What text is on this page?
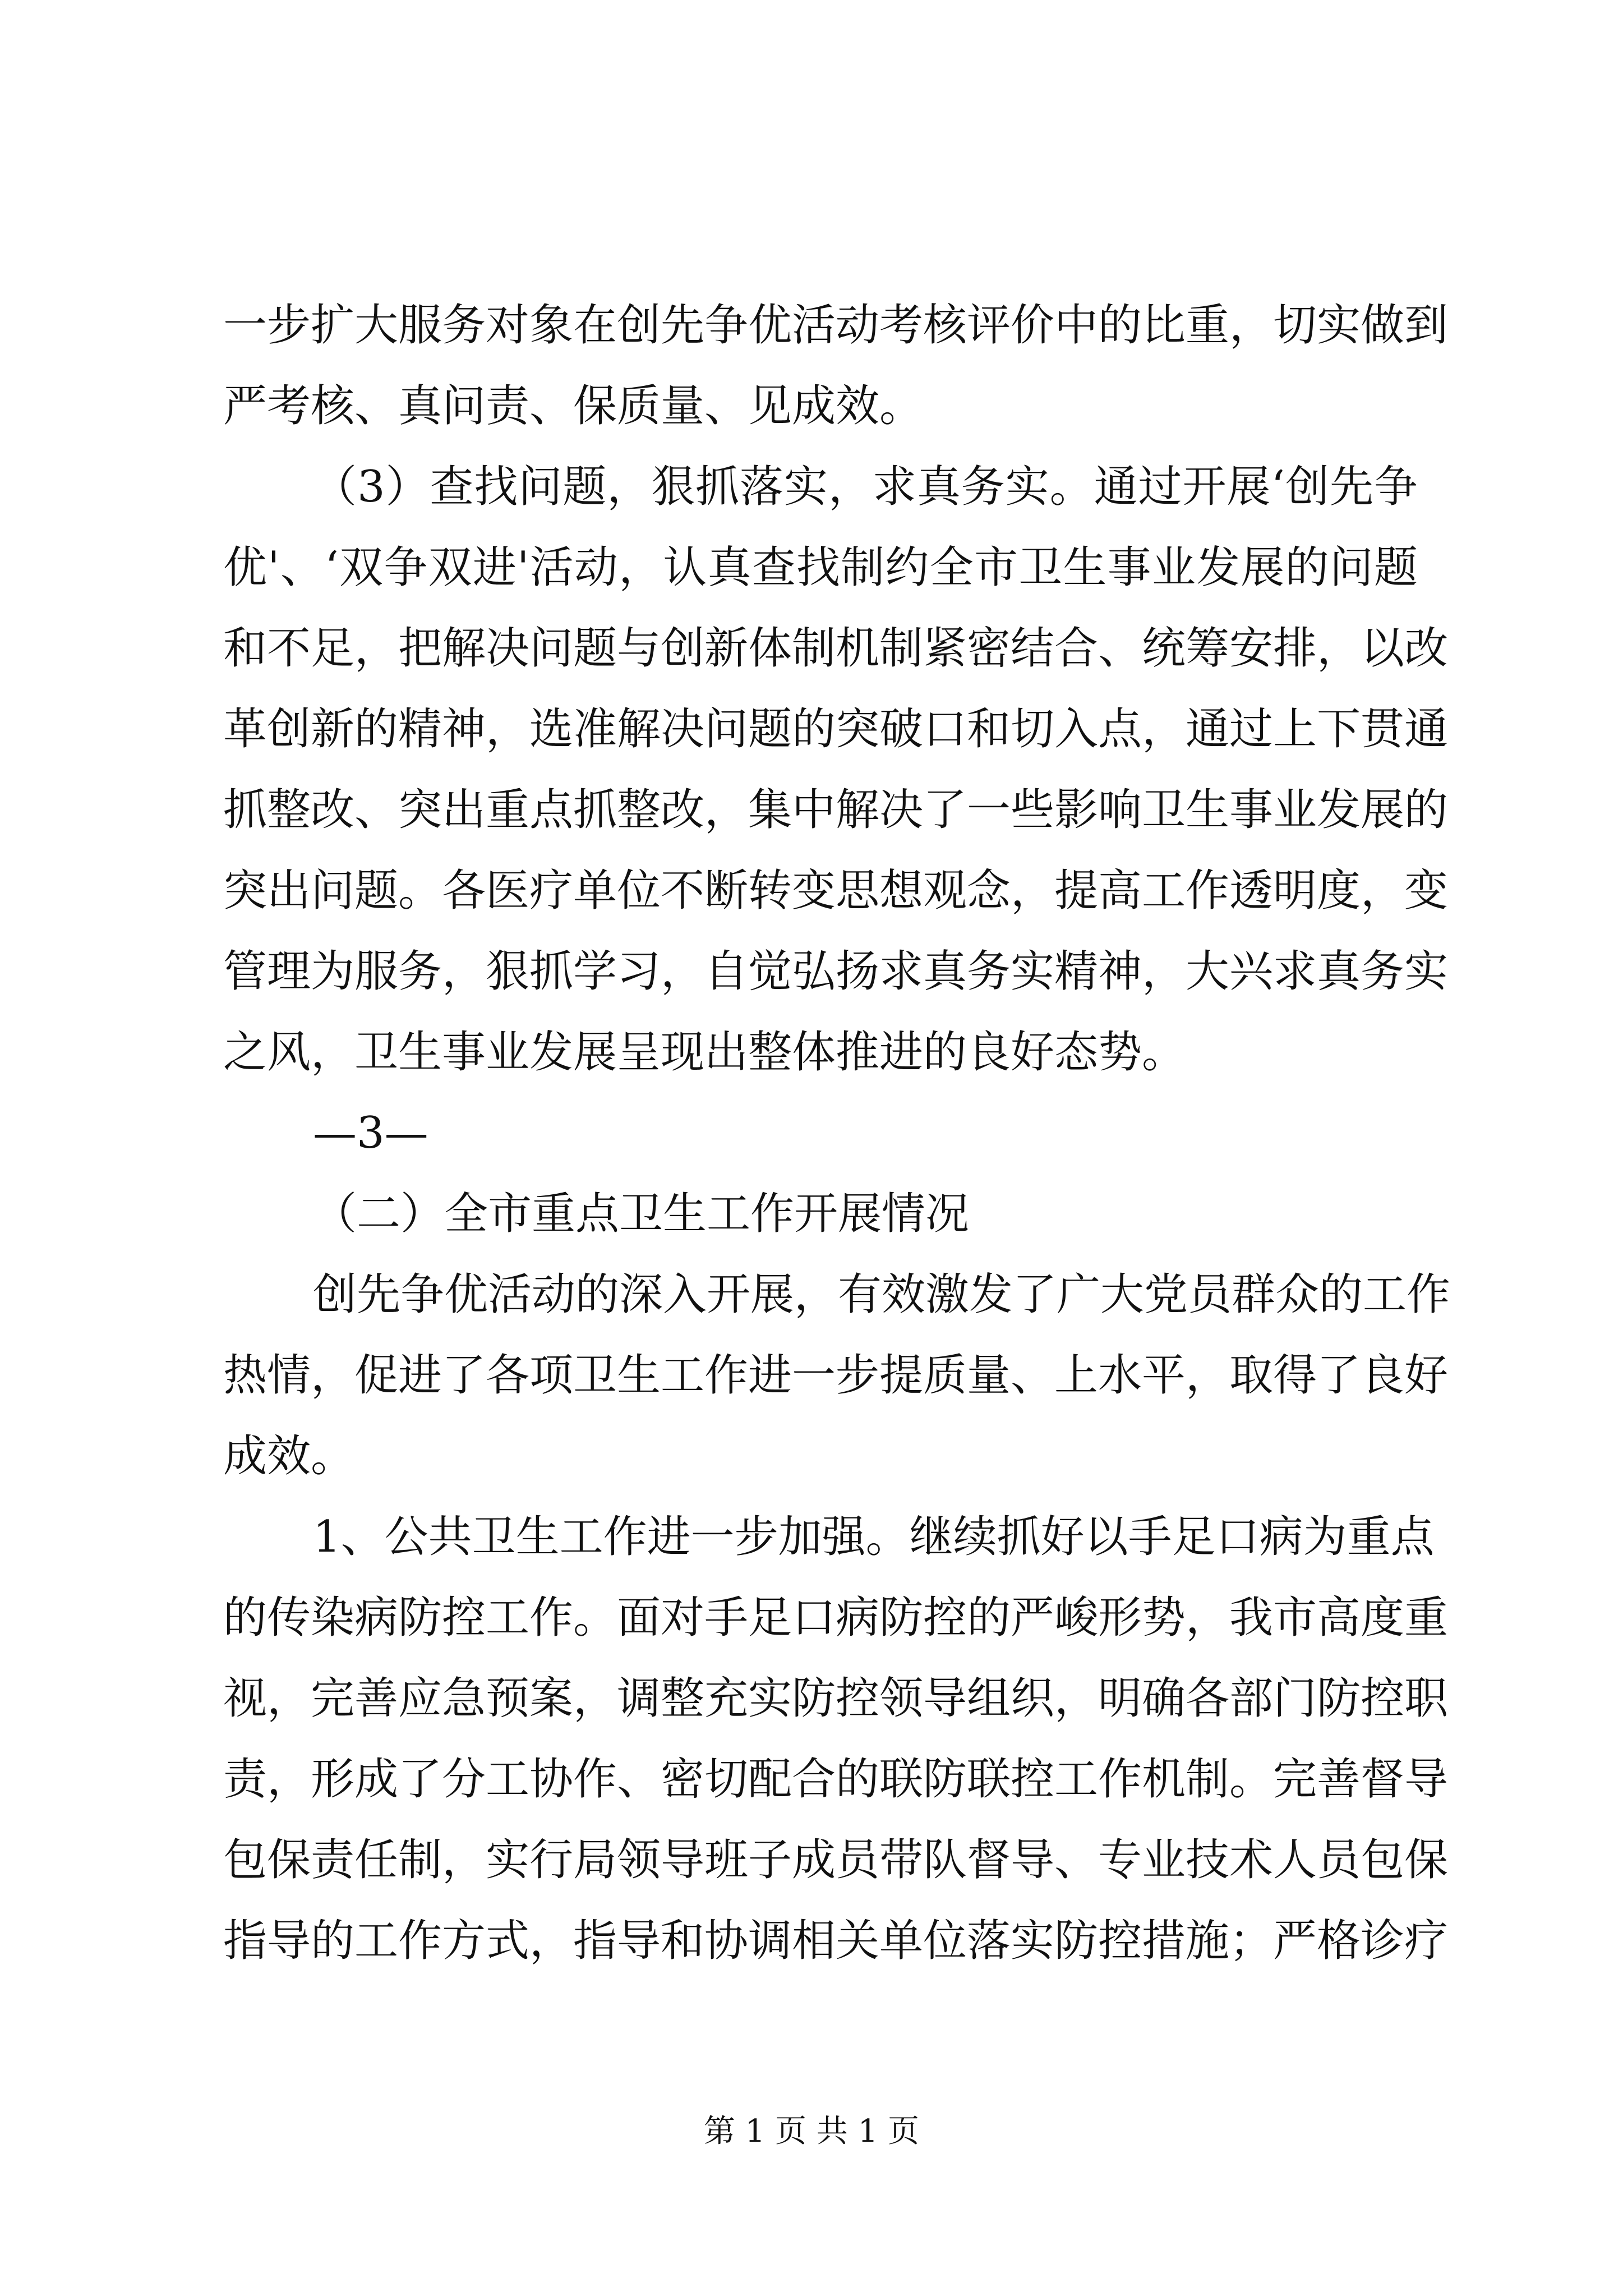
一步扩大服务对象在创先争优活动考核评价中的比重，切实做到
严考核、真问责、保质量、见成效。
（3）查找问题，狠抓落实，求真务实。通过开展‘创先争
优'、‘双争双进'活动，认真查找制约全市卫生事业发展的问题
和不足，把解决问题与创新体制机制紧密结合、统筹安排，以改
革创新的精神，选准解决问题的突破口和切入点，通过上下贯通
抓整改、突出重点抓整改，集中解决了一些影响卫生事业发展的
突出问题。各医疗单位不断转变思想观念，提高工作透明度，变
管理为服务，狠抓学习，自觉弘扬求真务实精神，大兴求真务实
之风，卫生事业发展呈现出整体推进的良好态势。
—3—
（二）全市重点卫生工作开展情况
创先争优活动的深入开展，有效激发了广大党员群众的工作
热情，促进了各项卫生工作进一步提质量、上水平，取得了良好
成效。
1、公共卫生工作进一步加强。继续抓好以手足口病为重点
的传染病防控工作。面对手足口病防控的严峻形势，我市高度重
视，完善应急预案，调整充实防控领导组织，明确各部门防控职
责，形成了分工协作、密切配合的联防联控工作机制。完善督导
包保责任制，实行局领导班子成员带队督导、专业技术人员包保
指导的工作方式，指导和协调相关单位落实防控措施；严格诊疗
第 1 页 共 1 页
